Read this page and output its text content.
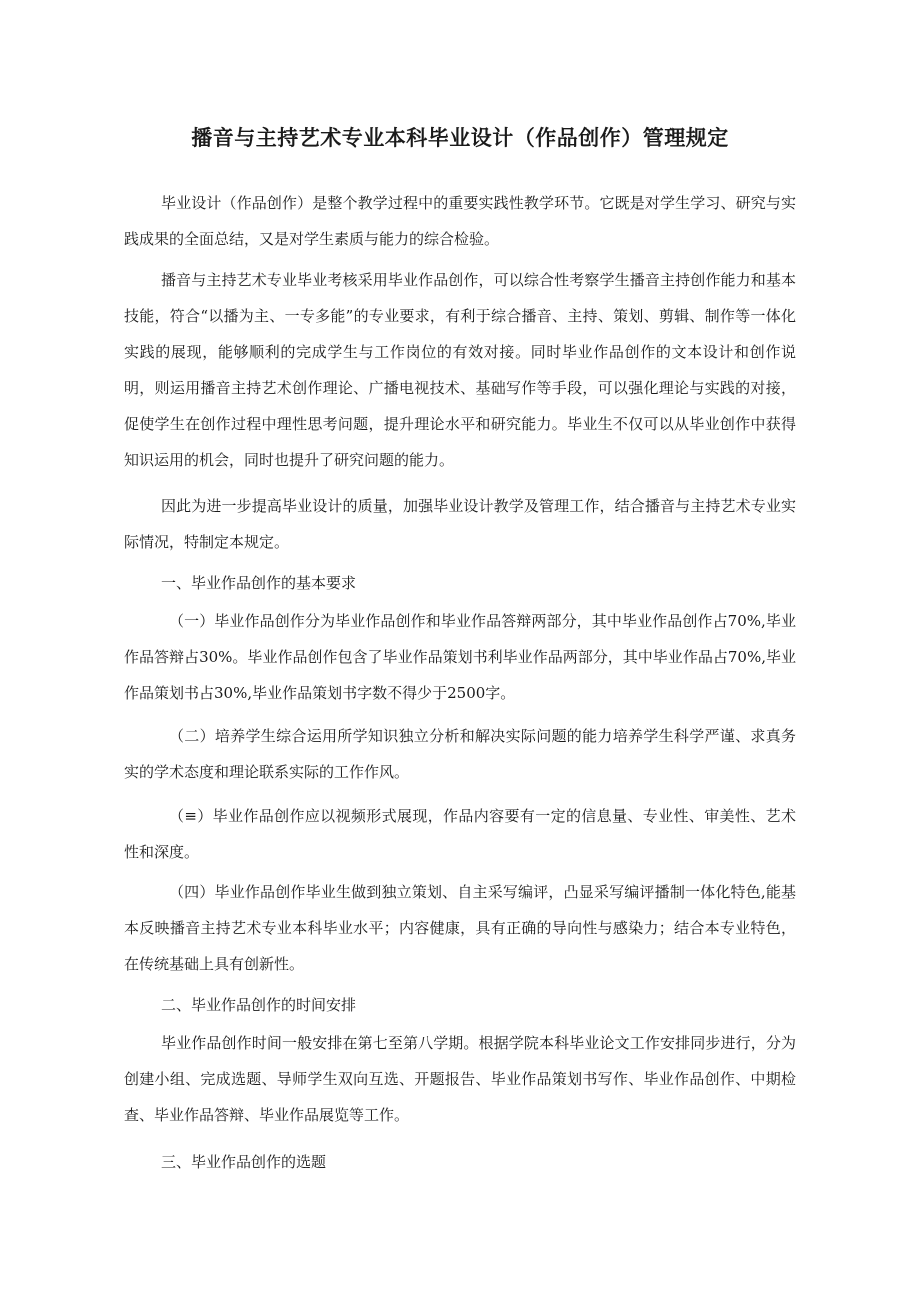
播音与主持艺术专业本科毕业设计（作品创作）管理规定

毕业设计（作品创作）是整个教学过程中的重要实践性教学环节。它既是对学生学习、研究与实践成果的全面总结，又是对学生素质与能力的综合检验。

播音与主持艺术专业毕业考核采用毕业作品创作，可以综合性考察学生播音主持创作能力和基本技能，符合“以播为主、一专多能”的专业要求，有利于综合播音、主持、策划、剪辑、制作等一体化实践的展现，能够顺利的完成学生与工作岗位的有效对接。同时毕业作品创作的文本设计和创作说明，则运用播音主持艺术创作理论、广播电视技术、基础写作等手段，可以强化理论与实践的对接，促使学生在创作过程中理性思考问题，提升理论水平和研究能力。毕业生不仅可以从毕业创作中获得知识运用的机会，同时也提升了研究问题的能力。

因此为进一步提高毕业设计的质量，加强毕业设计教学及管理工作，结合播音与主持艺术专业实际情况，特制定本规定。

一、毕业作品创作的基本要求

（一）毕业作品创作分为毕业作品创作和毕业作品答辩两部分，其中毕业作品创作占70%,毕业作品答辩占30%。毕业作品创作包含了毕业作品策划书利毕业作品两部分，其中毕业作品占70%,毕业作品策划书占30%,毕业作品策划书字数不得少于2500字。

（二）培养学生综合运用所学知识独立分析和解决实际问题的能力培养学生科学严谨、求真务实的学术态度和理论联系实际的工作作风。

（≡）毕业作品创作应以视频形式展现，作品内容要有一定的信息量、专业性、审美性、艺术性和深度。

（四）毕业作品创作毕业生做到独立策划、自主采写编评，凸显采写编评播制一体化特色,能基本反映播音主持艺术专业本科毕业水平；内容健康，具有正确的导向性与感染力；结合本专业特色，在传统基础上具有创新性。

二、毕业作品创作的时间安排

毕业作品创作时间一般安排在第七至第八学期。根据学院本科毕业论文工作安排同步进行，分为创建小组、完成选题、导师学生双向互选、开题报告、毕业作品策划书写作、毕业作品创作、中期检查、毕业作品答辩、毕业作品展览等工作。

三、毕业作品创作的选题
